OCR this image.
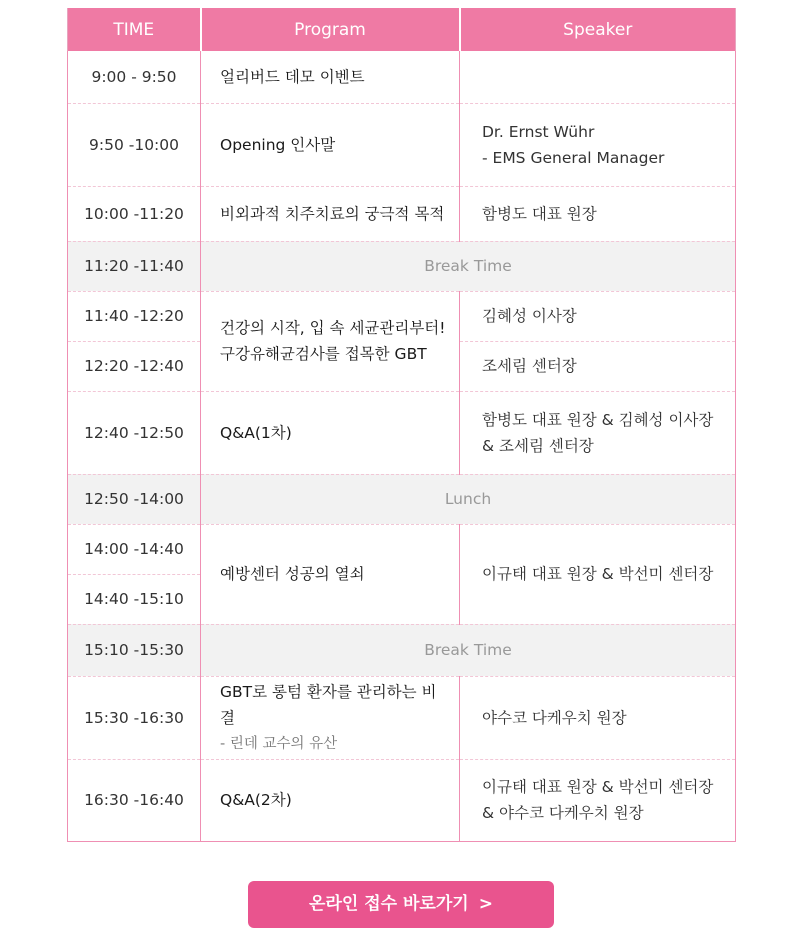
TIME	Program	Speaker
9:00 - 9:50	얼리버드 데모 이벤트	
9:50 -10:00	Opening 인사말	Dr. Ernst Wühr
- EMS General Manager

10:00 -11:20	비외과적 치주치료의 궁극적 목적	함병도 대표 원장
11:20 -11:40	Break Time	
11:40 -12:20	건강의 시작, 입 속 세균관리부터!
구강유해균검사를 접목한 GBT	김혜성 이사장
12:20 -12:40		조세림 센터장
12:40 -12:50	Q&A(1차)	함병도 대표 원장 & 김혜성 이사장
& 조세림 센터장

12:50 -14:00	Lunch	
14:00 -14:40	예방센터 성공의 열쇠	이규태 대표 원장 & 박선미 센터장
14:40 -15:10		
15:10 -15:30	Break Time	
15:30 -16:30	GBT로 롱텀 환자를 관리하는 비결
- 린데 교수의 유산	야수코 다케우치 원장
16:30 -16:40	Q&A(2차)	이규태 대표 원장 & 박선미 센터장
& 야수코 다케우치 원장
온라인 접수 바로가기 >
